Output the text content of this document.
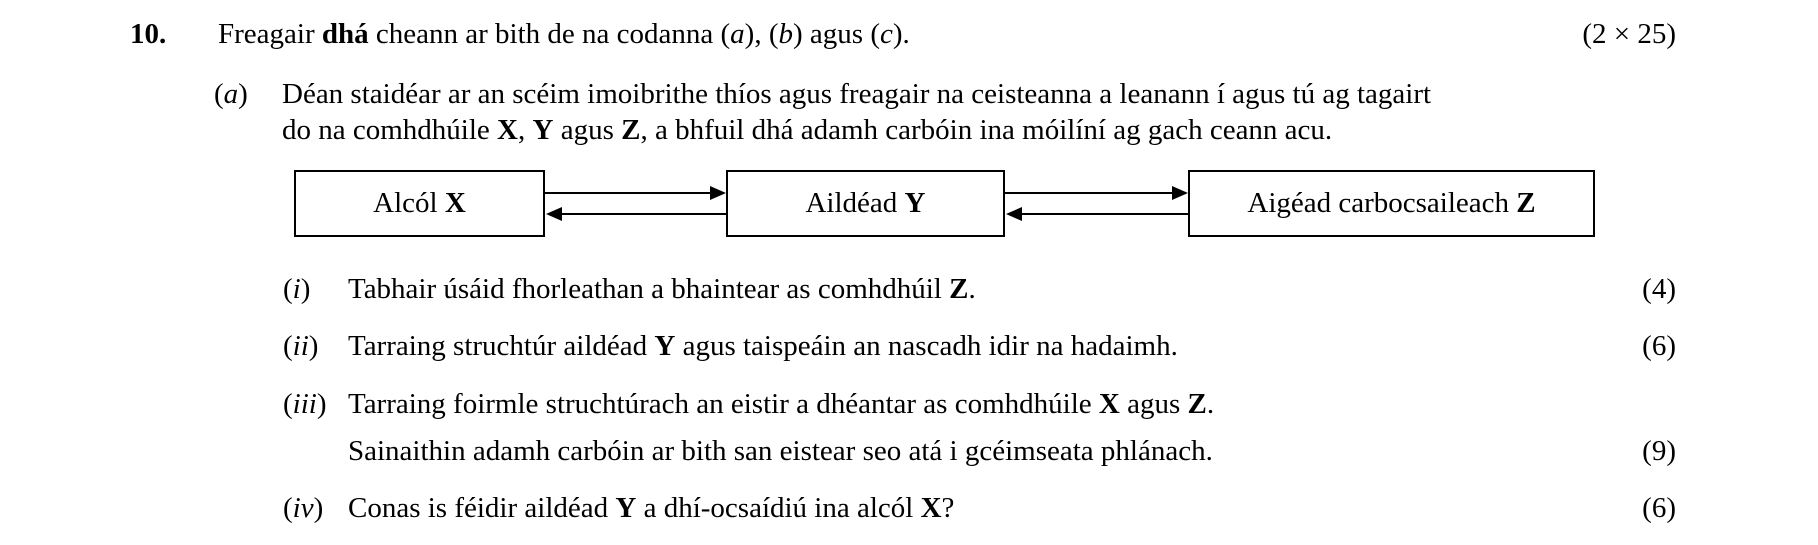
10. Freagair dhá cheann ar bith de na codanna (a), (b) agus (c).	(2 × 25)
(a) Déan staidéar ar an scéim imoibrithe thíos agus freagair na ceisteanna a leanann í agus tú ag tagairt
do na comhdhúile X, Y agus Z, a bhfuil dhá adamh carbóin ina móilíní ag gach ceann acu.
Alcól X	Aildéad Y	Aigéad carbocsaileach Z
(i) Tabhair úsáid fhorleathan a bhaintear as comhdhúil Z.	(4)
(ii) Tarraing struchtúr aildéad Y agus taispeáin an nascadh idir na hadaimh.	(6)
(iii) Tarraing foirmle struchtúrach an eistir a dhéantar as comhdhúile X agus Z.
Sainaithin adamh carbóin ar bith san eistear seo atá i gcéimseata phlánach.	(9)
(iv) Conas is féidir aildéad Y a dhí-ocsaídiú ina alcól X?	(6)
